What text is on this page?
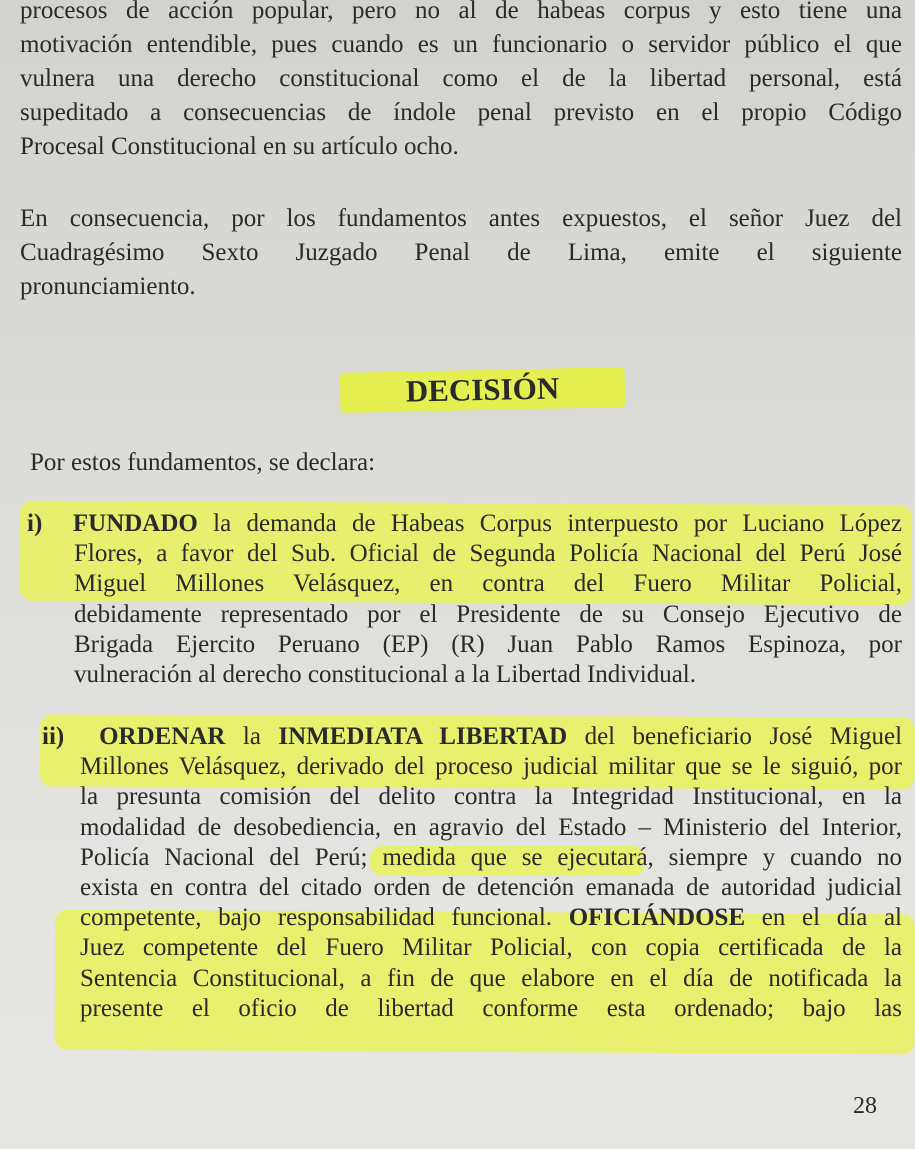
procesos de acción popular, pero no al de habeas corpus y esto tiene una
motivación entendible, pues cuando es un funcionario o servidor público el que
vulnera una derecho constitucional como el de la libertad personal, está
supeditado a consecuencias de índole penal previsto en el propio Código
Procesal Constitucional en su artículo ocho.
En consecuencia, por los fundamentos antes expuestos, el señor Juez del
Cuadragésimo Sexto Juzgado Penal de Lima, emite el siguiente
pronunciamiento.
DECISIÓN
Por estos fundamentos, se declara:
i) FUNDADO la demanda de Habeas Corpus interpuesto por Luciano López
Flores, a favor del Sub. Oficial de Segunda Policía Nacional del Perú José
Miguel Millones Velásquez, en contra del Fuero Militar Policial,
debidamente representado por el Presidente de su Consejo Ejecutivo de
Brigada Ejercito Peruano (EP) (R) Juan Pablo Ramos Espinoza, por
vulneración al derecho constitucional a la Libertad Individual.
ii) ORDENAR la INMEDIATA LIBERTAD del beneficiario José Miguel
Millones Velásquez, derivado del proceso judicial militar que se le siguió, por
la presunta comisión del delito contra la Integridad Institucional, en la
modalidad de desobediencia, en agravio del Estado – Ministerio del Interior,
Policía Nacional del Perú; medida que se ejecutará, siempre y cuando no
exista en contra del citado orden de detención emanada de autoridad judicial
competente, bajo responsabilidad funcional. OFICIÁNDOSE en el día al
Juez competente del Fuero Militar Policial, con copia certificada de la
Sentencia Constitucional, a fin de que elabore en el día de notificada la
presente el oficio de libertad conforme esta ordenado; bajo las
28
